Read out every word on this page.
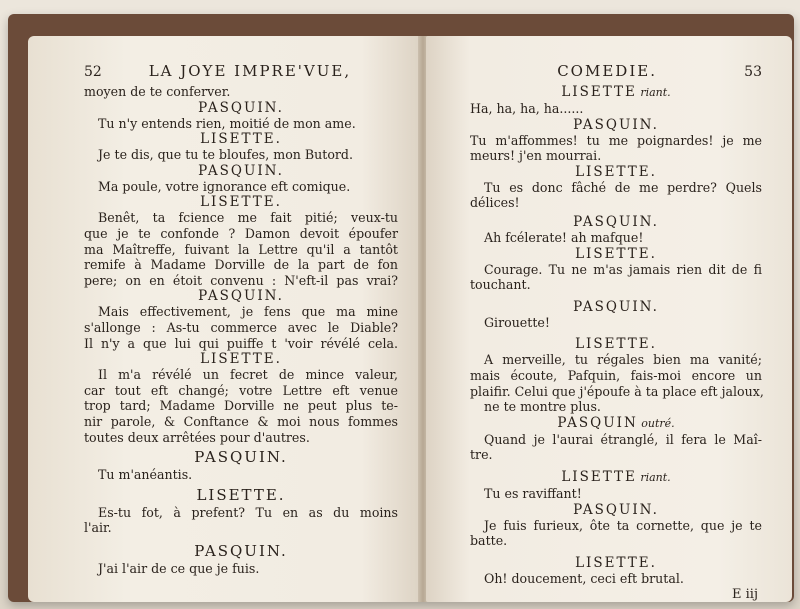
52	LA JOYE IMPRE'VUE,
moyen de te conferver.
PASQUIN.
Tu n'y entends rien, moitié de mon ame.
LISETTE.
Je te dis, que tu te bloufes, mon Butord.
PASQUIN.
Ma poule, votre ignorance eft comique.
LISETTE.
Benêt, ta fcience me fait pitié; veux-tu
que je te confonde ? Damon devoit époufer
ma Maîtreffe, fuivant la Lettre qu'il a tantôt
remife à Madame Dorville de la part de fon
pere; on en étoit convenu : N'eft-il pas vrai?
PASQUIN.
Mais effectivement, je fens que ma mine
s'allonge : As-tu commerce avec le Diable?
Il n'y a que lui qui puiffe t 'voir révélé cela.
LISETTE.
Il m'a révélé un fecret de mince valeur,
car tout eft changé; votre Lettre eft venue
trop tard; Madame Dorville ne peut plus te-
nir parole, & Conftance & moi nous fommes
toutes deux arrêtées pour d'autres.
PASQUIN.
Tu m'anéantis.
LISETTE.
Es-tu fot, à prefent? Tu en as du moins
l'air.
PASQUIN.
J'ai l'air de ce que je fuis.
COMEDIE.	53
LISETTE riant.
Ha, ha, ha, ha......
PASQUIN.
Tu m'affommes! tu me poignardes! je me
meurs! j'en mourrai.
LISETTE.
Tu es donc fâché de me perdre? Quels
délices!
PASQUIN.
Ah fcélerate! ah mafque!
LISETTE.
Courage. Tu ne m'as jamais rien dit de fi
touchant.
PASQUIN.
Girouette!
LISETTE.
A merveille, tu régales bien ma vanité;
mais écoute, Pafquin, fais-moi encore un
plaifir. Celui que j'époufe à ta place eft jaloux,
ne te montre plus.
PASQUIN outré.
Quand je l'aurai étranglé, il fera le Maî-
tre.
LISETTE riant.
Tu es raviffant!
PASQUIN.
Je fuis furieux, ôte ta cornette, que je te
batte.
LISETTE.
Oh! doucement, ceci eft brutal.
E iij
